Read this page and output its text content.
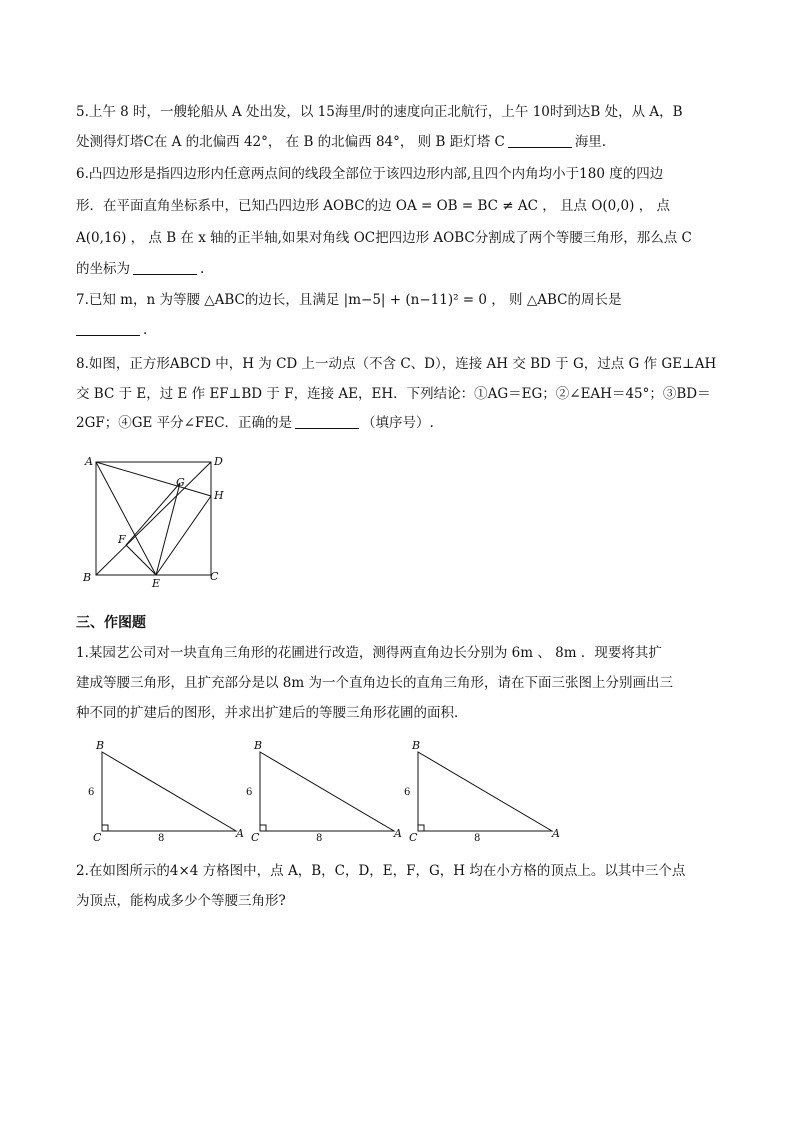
5.上午 8 时，一艘轮船从 A 处出发，以 15海里/时的速度向正北航行，上午 10时到达B 处，从 A，B
处测得灯塔C在 A 的北偏西 42°， 在 B 的北偏西 84°， 则 B 距灯塔 C	海里.
6.凸四边形是指四边形内任意两点间的线段全部位于该四边形内部,且四个内角均小于180 度的四边
形．在平面直角坐标系中，已知凸四边形 AOBC的边 OA = OB = BC ≠ AC ， 且点 O(0,0) ， 点
A(0,16) ， 点 B 在 x 轴的正半轴,如果对角线 OC把四边形 AOBC分割成了两个等腰三角形，那么点 C
的坐标为	.
7.已知 m，n 为等腰 △ABC的边长，且满足 |m−5| + (n−11)² = 0 ， 则 △ABC的周长是
.
8.如图，正方形ABCD 中，H 为 CD 上一动点（不含 C、D），连接 AH 交 BD 于 G，过点 G 作 GE⊥AH
交 BC 于 E，过 E 作 EF⊥BD 于 F，连接 AE，EH．下列结论：①AG＝EG；②∠EAH＝45°；③BD＝
2GF；④GE 平分∠FEC．正确的是	（填序号）.
A	D
G
H
F
B	E
C
三、作图题
1.某园艺公司对一块直角三角形的花圃进行改造，测得两直角边长分别为 6m 、 8m ．现要将其扩
建成等腰三角形，且扩充部分是以 8m 为一个直角边长的直角三角形，请在下面三张图上分别画出三
种不同的扩建后的图形，并求出扩建后的等腰三角形花圃的面积．
B
C	A
6
8
B
C	A
6
8
B
C	A
6
8
2.在如图所示的4×4 方格图中，点 A，B，C，D，E，F，G，H 均在小方格的顶点上。以其中三个点
为顶点，能构成多少个等腰三角形?
